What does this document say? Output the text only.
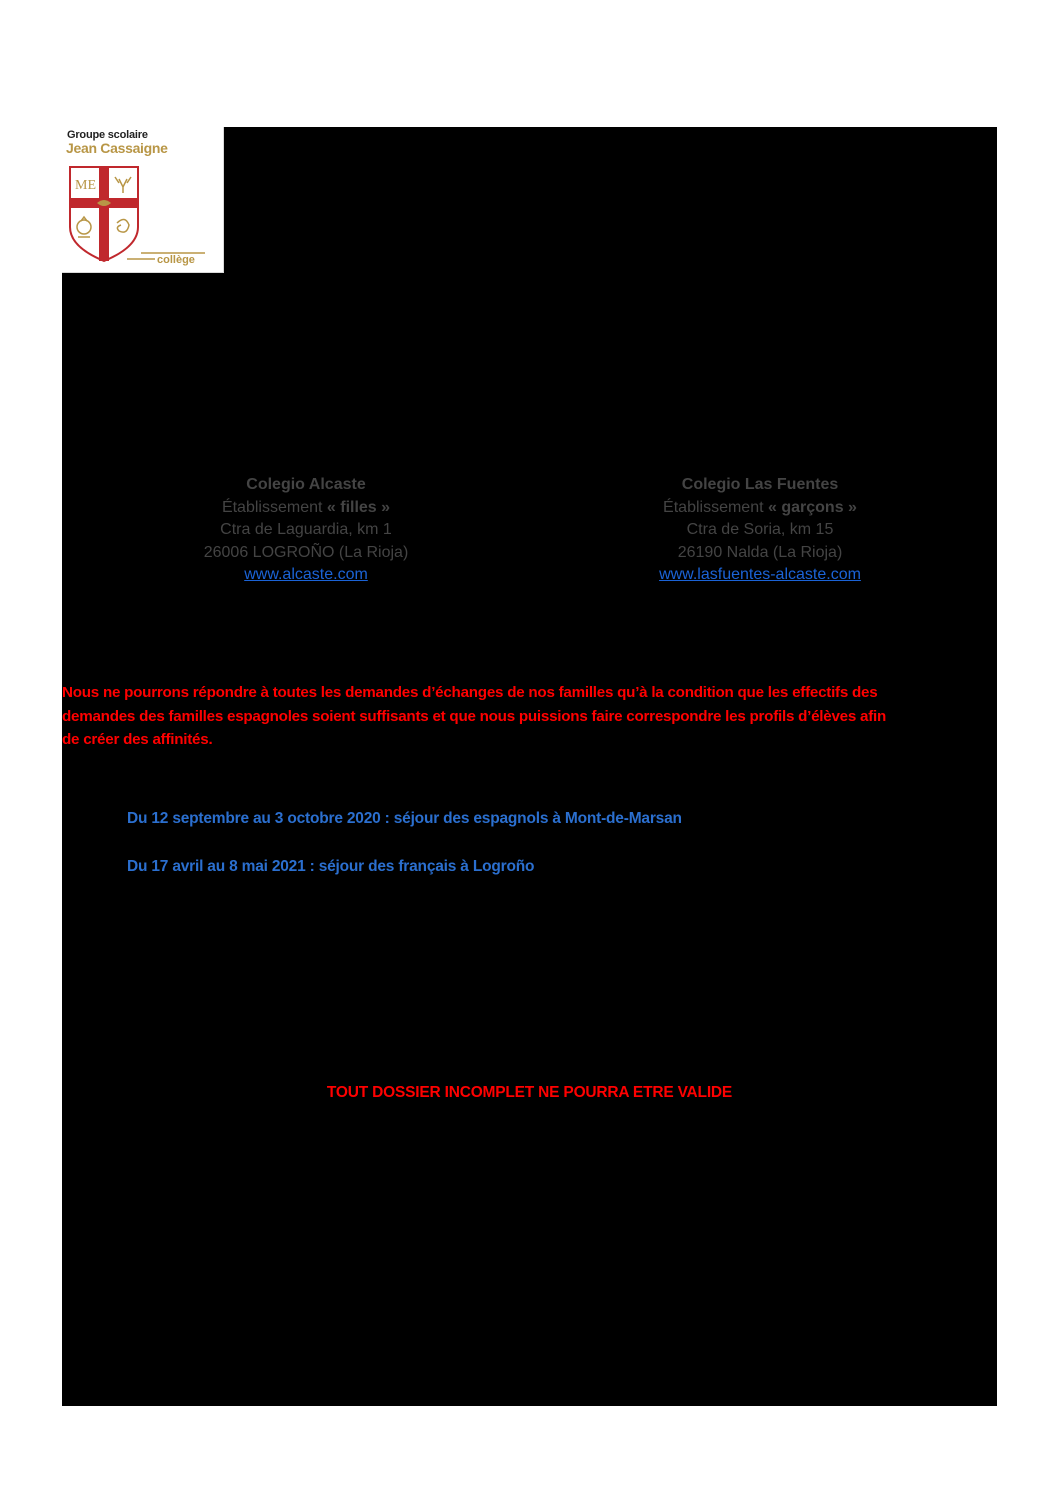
Groupe scolaire
Jean Cassaigne
ME
collège
Colegio Alcaste
Établissement « filles »
Ctra de Laguardia, km 1
26006 LOGROÑO (La Rioja)
www.alcaste.com
Colegio Las Fuentes
Établissement « garçons »
Ctra de Soria, km 15
26190 Nalda (La Rioja)
www.lasfuentes-alcaste.com
Nous ne pourrons répondre à toutes les demandes d’échanges de nos familles qu’à la condition que les effectifs des
demandes des familles espagnoles soient suffisants et que nous puissions faire correspondre les profils d’élèves afin
de créer des affinités.
Du 12 septembre au 3 octobre 2020 : séjour des espagnols à Mont-de-Marsan
Du 17 avril au 8 mai 2021 : séjour des français à Logroño
TOUT DOSSIER INCOMPLET NE POURRA ETRE VALIDE
